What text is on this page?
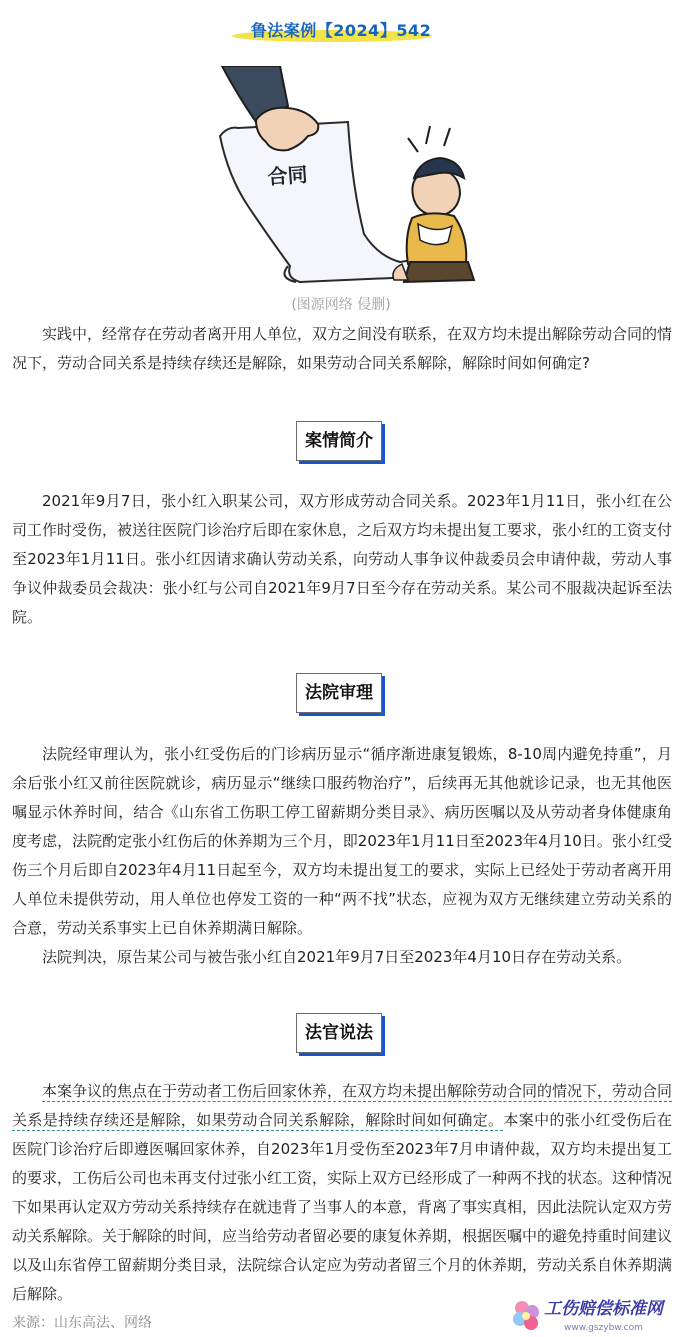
鲁法案例【2024】542
合同
(图源网络 侵删)

实践中，经常存在劳动者离开用人单位，双方之间没有联系，在双方均未提出解除劳动合同的情况下，劳动合同关系是持续存续还是解除，如果劳动合同关系解除，解除时间如何确定?

案情简介

2021年9月7日，张小红入职某公司，双方形成劳动合同关系。2023年1月11日，张小红在公司工作时受伤，被送往医院门诊治疗后即在家休息，之后双方均未提出复工要求，张小红的工资支付至2023年1月11日。张小红因请求确认劳动关系，向劳动人事争议仲裁委员会申请仲裁，劳动人事争议仲裁委员会裁决：张小红与公司自2021年9月7日至今存在劳动关系。某公司不服裁决起诉至法院。

法院审理

法院经审理认为，张小红受伤后的门诊病历显示“循序渐进康复锻炼，8-10周内避免持重”，月余后张小红又前往医院就诊，病历显示“继续口服药物治疗”，后续再无其他就诊记录，也无其他医嘱显示休养时间，结合《山东省工伤职工停工留薪期分类目录》、病历医嘱以及从劳动者身体健康角度考虑，法院酌定张小红伤后的休养期为三个月，即2023年1月11日至2023年4月10日。张小红受伤三个月后即自2023年4月11日起至今，双方均未提出复工的要求，实际上已经处于劳动者离开用人单位未提供劳动，用人单位也停发工资的一种“两不找”状态，应视为双方无继续建立劳动关系的合意，劳动关系事实上已自休养期满日解除。

法院判决，原告某公司与被告张小红自2021年9月7日至2023年4月10日存在劳动关系。

法官说法

本案争议的焦点在于劳动者工伤后回家休养，在双方均未提出解除劳动合同的情况下，劳动合同关系是持续存续还是解除，如果劳动合同关系解除，解除时间如何确定。本案中的张小红受伤后在医院门诊治疗后即遵医嘱回家休养，自2023年1月受伤至2023年7月申请仲裁，双方均未提出复工的要求，工伤后公司也未再支付过张小红工资，实际上双方已经形成了一种两不找的状态。这种情况下如果再认定双方劳动关系持续存在就违背了当事人的本意，背离了事实真相，因此法院认定双方劳动关系解除。关于解除的时间，应当给劳动者留必要的康复休养期，根据医嘱中的避免持重时间建议以及山东省停工留薪期分类目录，法院综合认定应为劳动者留三个月的休养期，劳动关系自休养期满后解除。

来源：山东高法、网络
工伤赔偿标准网
www.gszybw.com
